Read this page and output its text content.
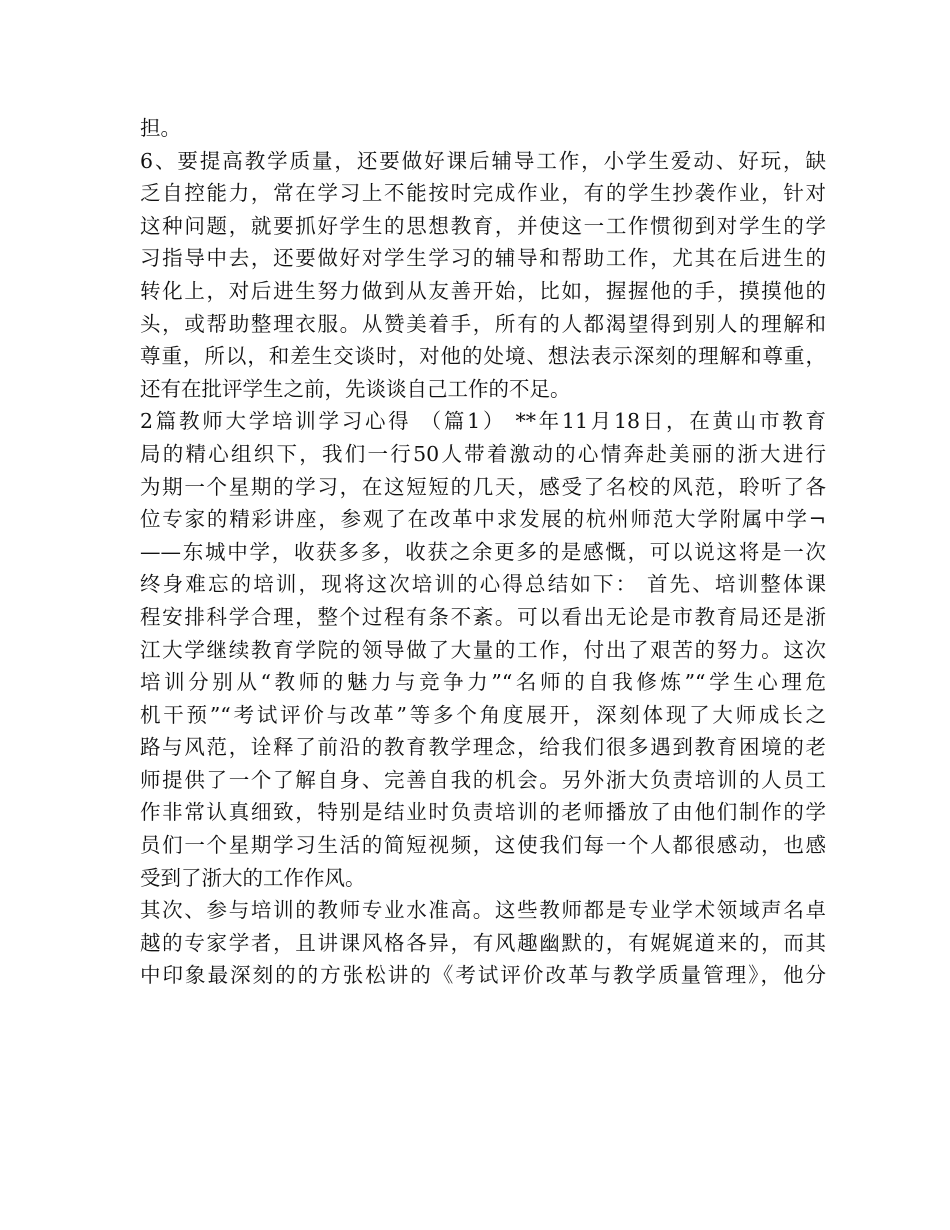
担。
6、要提高教学质量，还要做好课后辅导工作，小学生爱动、好玩，缺
乏自控能力，常在学习上不能按时完成作业，有的学生抄袭作业，针对
这种问题，就要抓好学生的思想教育，并使这一工作惯彻到对学生的学
习指导中去，还要做好对学生学习的辅导和帮助工作，尤其在后进生的
转化上，对后进生努力做到从友善开始，比如，握握他的手，摸摸他的
头，或帮助整理衣服。从赞美着手，所有的人都渴望得到别人的理解和
尊重，所以，和差生交谈时，对他的处境、想法表示深刻的理解和尊重，
还有在批评学生之前，先谈谈自己工作的不足。
2篇教师大学培训学习心得 （篇1） **年11月18日，在黄山市教育
局的精心组织下，我们一行50人带着激动的心情奔赴美丽的浙大进行
为期一个星期的学习，在这短短的几天，感受了名校的风范，聆听了各
位专家的精彩讲座，参观了在改革中求发展的杭州师范大学附属中学¬
——东城中学，收获多多，收获之余更多的是感慨，可以说这将是一次
终身难忘的培训，现将这次培训的心得总结如下： 首先、培训整体课
程安排科学合理，整个过程有条不紊。可以看出无论是市教育局还是浙
江大学继续教育学院的领导做了大量的工作，付出了艰苦的努力。这次
培训分别从“教师的魅力与竞争力”“名师的自我修炼”“学生心理危
机干预”“考试评价与改革”等多个角度展开，深刻体现了大师成长之
路与风范，诠释了前沿的教育教学理念，给我们很多遇到教育困境的老
师提供了一个了解自身、完善自我的机会。另外浙大负责培训的人员工
作非常认真细致，特别是结业时负责培训的老师播放了由他们制作的学
员们一个星期学习生活的简短视频，这使我们每一个人都很感动，也感
受到了浙大的工作作风。
其次、参与培训的教师专业水准高。这些教师都是专业学术领域声名卓
越的专家学者，且讲课风格各异，有风趣幽默的，有娓娓道来的，而其
中印象最深刻的的方张松讲的《考试评价改革与教学质量管理》，他分
